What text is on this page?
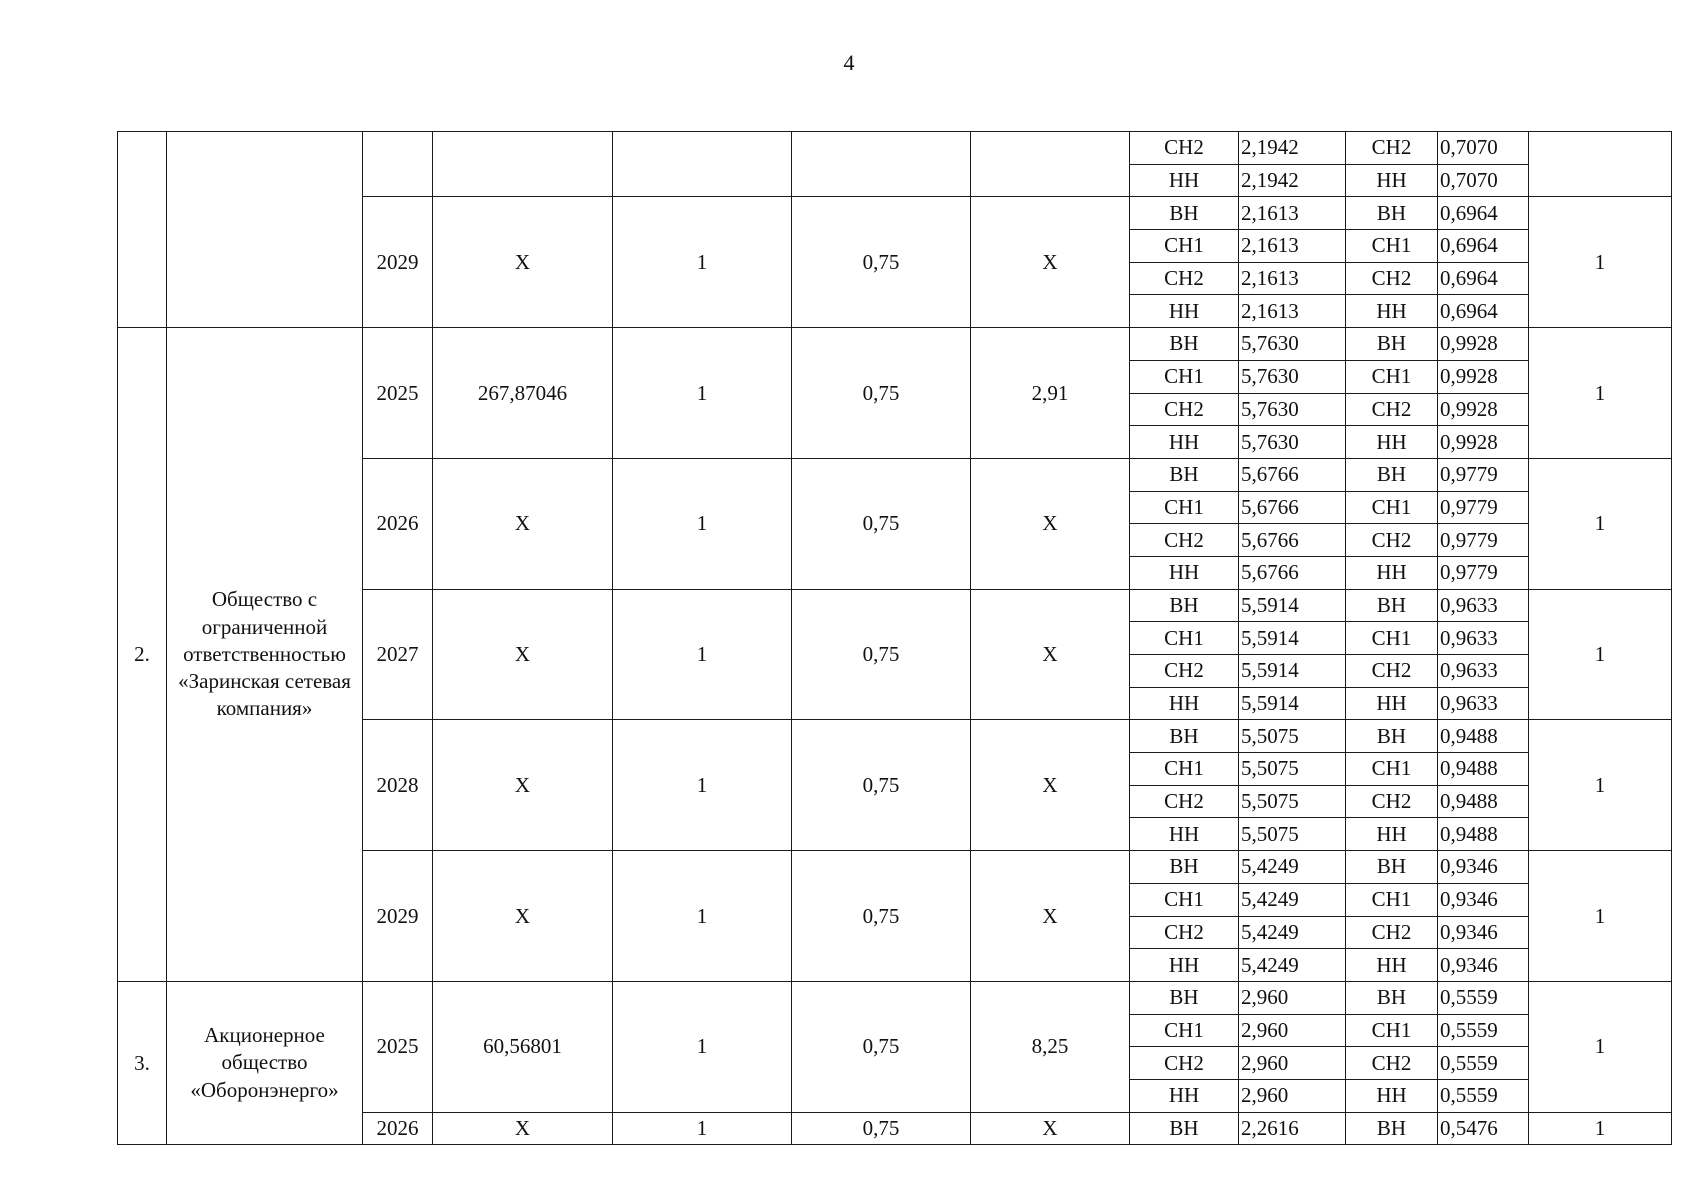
4
							СН2	2,1942	СН2	0,7070	
							НН	2,1942	НН	0,7070	
		2029	X	1	0,75	X	ВН	2,1613	ВН	0,6964	1
							СН1	2,1613	СН1	0,6964	
							СН2	2,1613	СН2	0,6964	
							НН	2,1613	НН	0,6964	
2.	Общество с ограниченной ответственностью «Заринская сетевая компания»	2025	267,87046	1	0,75	2,91	ВН	5,7630	ВН	0,9928	1
							СН1	5,7630	СН1	0,9928	
							СН2	5,7630	СН2	0,9928	
							НН	5,7630	НН	0,9928	
		2026	X	1	0,75	X	ВН	5,6766	ВН	0,9779	1
							СН1	5,6766	СН1	0,9779	
							СН2	5,6766	СН2	0,9779	
							НН	5,6766	НН	0,9779	
		2027	X	1	0,75	X	ВН	5,5914	ВН	0,9633	1
							СН1	5,5914	СН1	0,9633	
							СН2	5,5914	СН2	0,9633	
							НН	5,5914	НН	0,9633	
		2028	X	1	0,75	X	ВН	5,5075	ВН	0,9488	1
							СН1	5,5075	СН1	0,9488	
							СН2	5,5075	СН2	0,9488	
							НН	5,5075	НН	0,9488	
		2029	X	1	0,75	X	ВН	5,4249	ВН	0,9346	1
							СН1	5,4249	СН1	0,9346	
							СН2	5,4249	СН2	0,9346	
							НН	5,4249	НН	0,9346	
3.	Акционерное общество «Оборонэнерго»	2025	60,56801	1	0,75	8,25	ВН	2,960	ВН	0,5559	1
							СН1	2,960	СН1	0,5559	
							СН2	2,960	СН2	0,5559	
							НН	2,960	НН	0,5559	
		2026	X	1	0,75	X	ВН	2,2616	ВН	0,5476	1
